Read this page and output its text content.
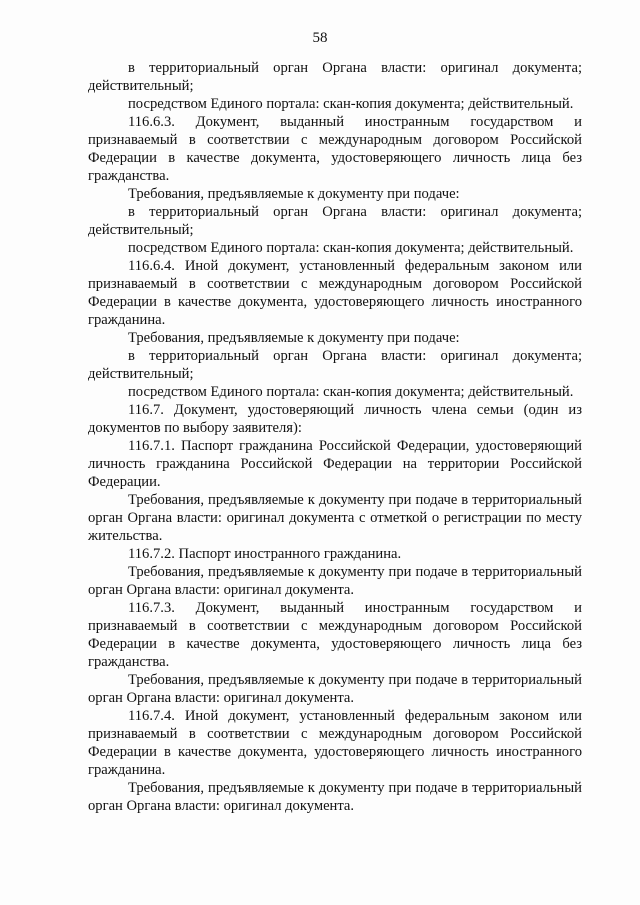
58

в территориальный орган Органа власти: оригинал документа; действительный;

посредством Единого портала: скан-копия документа; действительный.

116.6.3. Документ, выданный иностранным государством и признаваемый в соответствии с международным договором Российской Федерации в качестве документа, удостоверяющего личность лица без гражданства.

Требования, предъявляемые к документу при подаче:

в территориальный орган Органа власти: оригинал документа; действительный;

посредством Единого портала: скан-копия документа; действительный.

116.6.4. Иной документ, установленный федеральным законом или признаваемый в соответствии с международным договором Российской Федерации в качестве документа, удостоверяющего личность иностранного гражданина.

Требования, предъявляемые к документу при подаче:

в территориальный орган Органа власти: оригинал документа; действительный;

посредством Единого портала: скан-копия документа; действительный.

116.7. Документ, удостоверяющий личность члена семьи (один из документов по выбору заявителя):

116.7.1. Паспорт гражданина Российской Федерации, удостоверяющий личность гражданина Российской Федерации на территории Российской Федерации.

Требования, предъявляемые к документу при подаче в территориальный орган Органа власти: оригинал документа с отметкой о регистрации по месту жительства.

116.7.2. Паспорт иностранного гражданина.

Требования, предъявляемые к документу при подаче в территориальный орган Органа власти: оригинал документа.

116.7.3. Документ, выданный иностранным государством и признаваемый в соответствии с международным договором Российской Федерации в качестве документа, удостоверяющего личность лица без гражданства.

Требования, предъявляемые к документу при подаче в территориальный орган Органа власти: оригинал документа.

116.7.4. Иной документ, установленный федеральным законом или признаваемый в соответствии с международным договором Российской Федерации в качестве документа, удостоверяющего личность иностранного гражданина.

Требования, предъявляемые к документу при подаче в территориальный орган Органа власти: оригинал документа.
